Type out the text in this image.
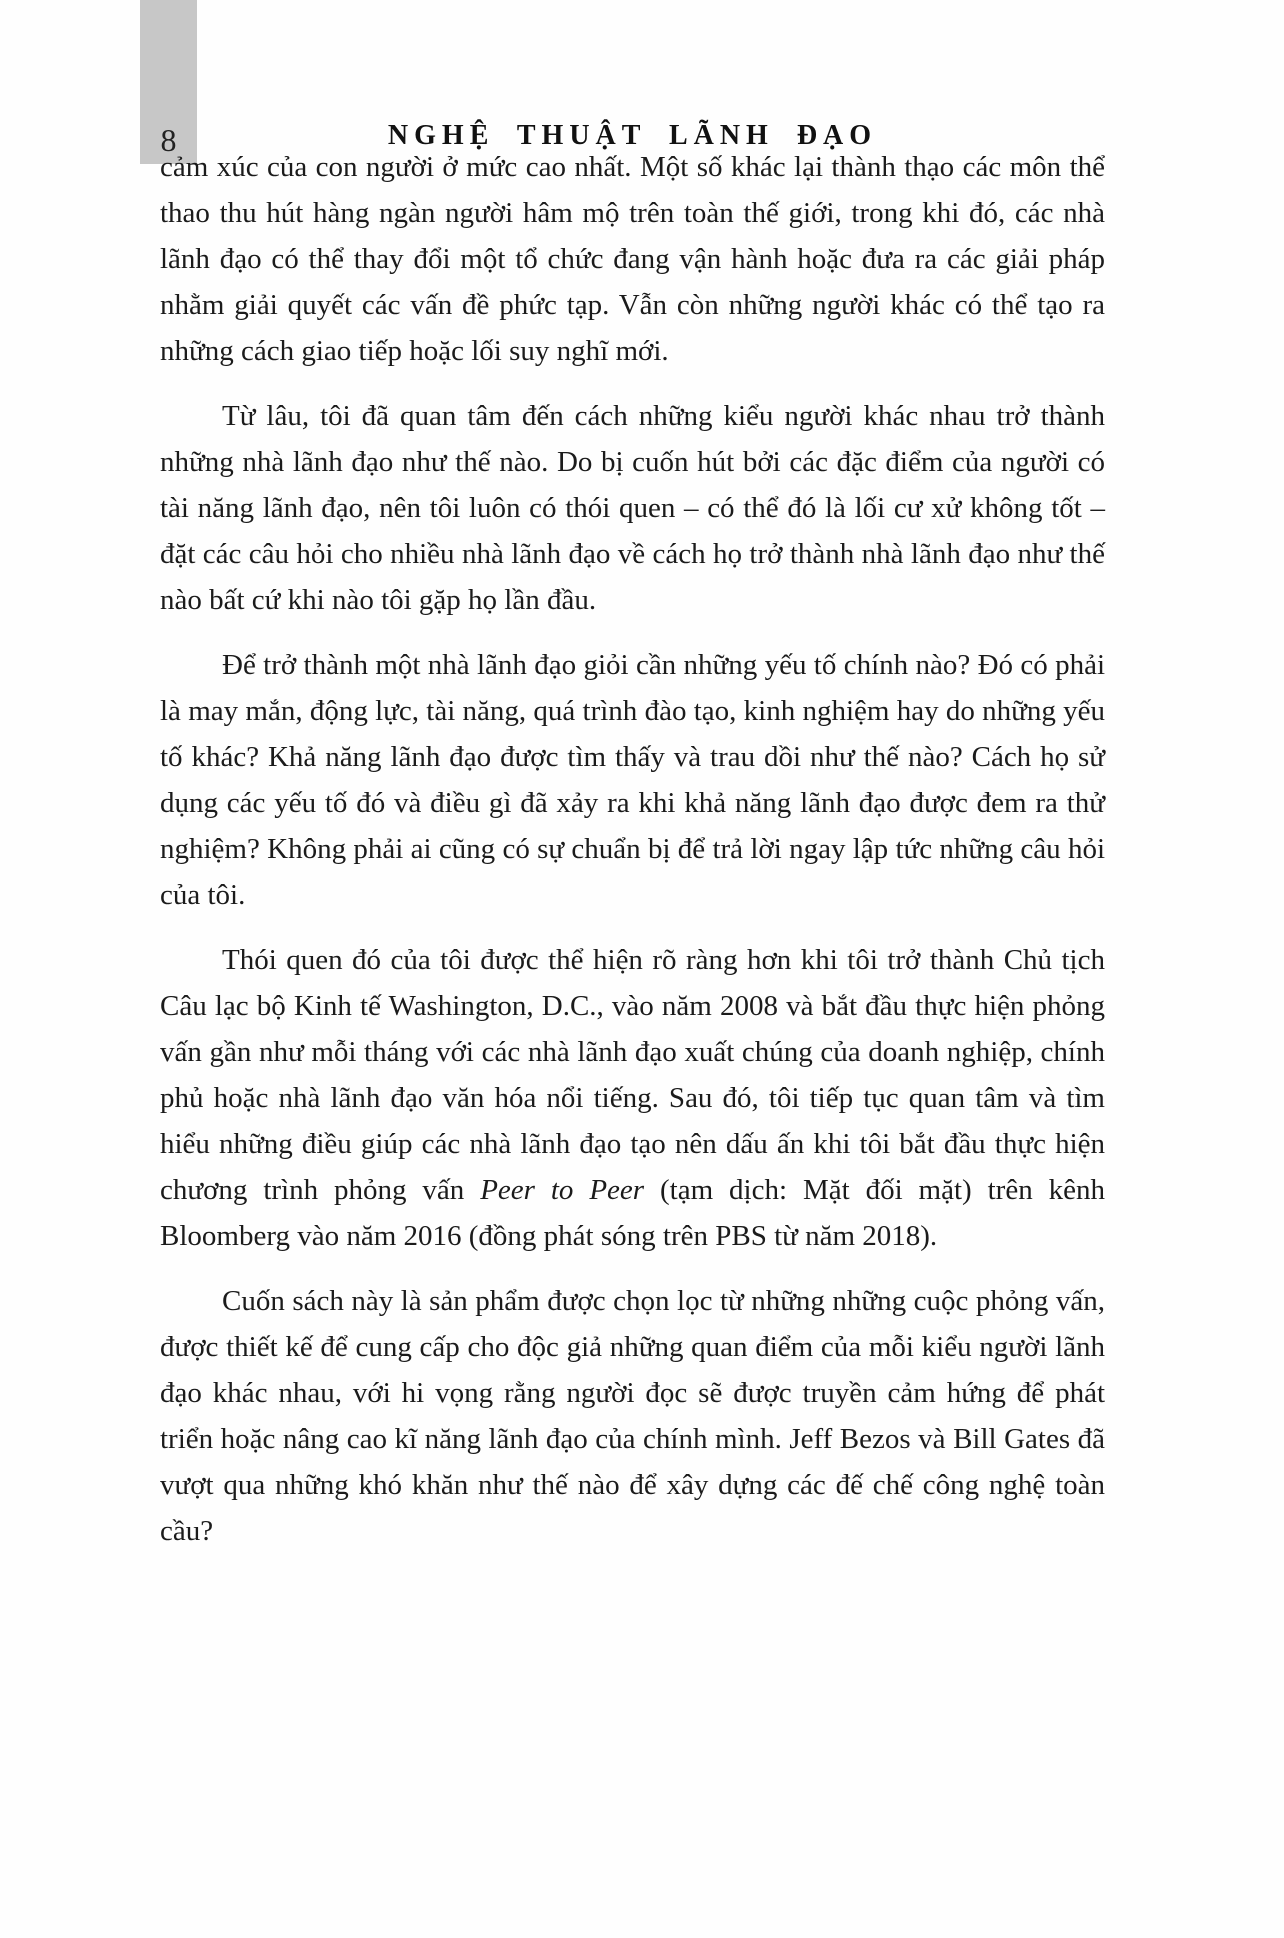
8	NGHỆ THUẬT LÃNH ĐẠO

cảm xúc của con người ở mức cao nhất. Một số khác lại thành thạo các môn thể thao thu hút hàng ngàn người hâm mộ trên toàn thế giới, trong khi đó, các nhà lãnh đạo có thể thay đổi một tổ chức đang vận hành hoặc đưa ra các giải pháp nhằm giải quyết các vấn đề phức tạp. Vẫn còn những người khác có thể tạo ra những cách giao tiếp hoặc lối suy nghĩ mới.

Từ lâu, tôi đã quan tâm đến cách những kiểu người khác nhau trở thành những nhà lãnh đạo như thế nào. Do bị cuốn hút bởi các đặc điểm của người có tài năng lãnh đạo, nên tôi luôn có thói quen – có thể đó là lối cư xử không tốt – đặt các câu hỏi cho nhiều nhà lãnh đạo về cách họ trở thành nhà lãnh đạo như thế nào bất cứ khi nào tôi gặp họ lần đầu.

Để trở thành một nhà lãnh đạo giỏi cần những yếu tố chính nào? Đó có phải là may mắn, động lực, tài năng, quá trình đào tạo, kinh nghiệm hay do những yếu tố khác? Khả năng lãnh đạo được tìm thấy và trau dồi như thế nào? Cách họ sử dụng các yếu tố đó và điều gì đã xảy ra khi khả năng lãnh đạo được đem ra thử nghiệm? Không phải ai cũng có sự chuẩn bị để trả lời ngay lập tức những câu hỏi của tôi.

Thói quen đó của tôi được thể hiện rõ ràng hơn khi tôi trở thành Chủ tịch Câu lạc bộ Kinh tế Washington, D.C., vào năm 2008 và bắt đầu thực hiện phỏng vấn gần như mỗi tháng với các nhà lãnh đạo xuất chúng của doanh nghiệp, chính phủ hoặc nhà lãnh đạo văn hóa nổi tiếng. Sau đó, tôi tiếp tục quan tâm và tìm hiểu những điều giúp các nhà lãnh đạo tạo nên dấu ấn khi tôi bắt đầu thực hiện chương trình phỏng vấn Peer to Peer (tạm dịch: Mặt đối mặt) trên kênh Bloomberg vào năm 2016 (đồng phát sóng trên PBS từ năm 2018).

Cuốn sách này là sản phẩm được chọn lọc từ những những cuộc phỏng vấn, được thiết kế để cung cấp cho độc giả những quan điểm của mỗi kiểu người lãnh đạo khác nhau, với hi vọng rằng người đọc sẽ được truyền cảm hứng để phát triển hoặc nâng cao kĩ năng lãnh đạo của chính mình. Jeff Bezos và Bill Gates đã vượt qua những khó khăn như thế nào để xây dựng các đế chế công nghệ toàn cầu?
